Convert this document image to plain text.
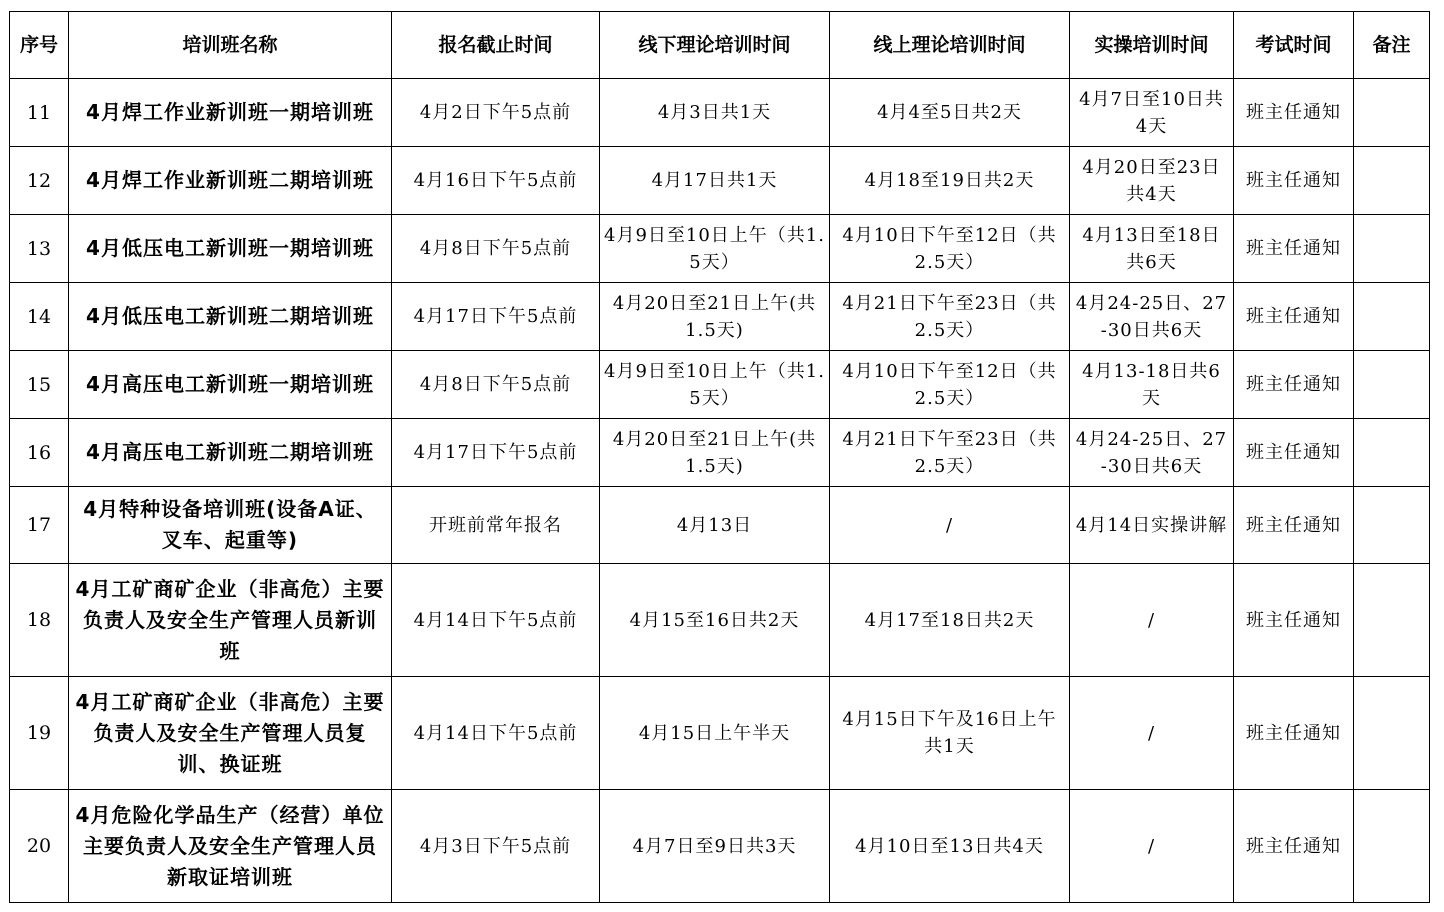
序号	培训班名称	报名截止时间	线下理论培训时间	线上理论培训时间	实操培训时间	考试时间	备注
11	4月焊工作业新训班一期培训班	4月2日下午5点前	4月3日共1天	4月4至5日共2天	4月7日至10日共4天	班主任通知	
12	4月焊工作业新训班二期培训班	4月16日下午5点前	4月17日共1天	4月18至19日共2天	4月20日至23日共4天	班主任通知	
13	4月低压电工新训班一期培训班	4月8日下午5点前	4月9日至10日上午（共1.5天）	4月10日下午至12日（共2.5天）	4月13日至18日共6天	班主任通知	
14	4月低压电工新训班二期培训班	4月17日下午5点前	4月20日至21日上午(共1.5天)	4月21日下午至23日（共2.5天）	4月24-25日、27-30日共6天	班主任通知	
15	4月高压电工新训班一期培训班	4月8日下午5点前	4月9日至10日上午（共1.5天）	4月10日下午至12日（共2.5天）	4月13-18日共6天	班主任通知	
16	4月高压电工新训班二期培训班	4月17日下午5点前	4月20日至21日上午(共1.5天)	4月21日下午至23日（共2.5天）	4月24-25日、27-30日共6天	班主任通知	
17	4月特种设备培训班(设备A证、叉车、起重等)	开班前常年报名	4月13日	/	4月14日实操讲解	班主任通知	
18	4月工矿商矿企业（非高危）主要负责人及安全生产管理人员新训班	4月14日下午5点前	4月15至16日共2天	4月17至18日共2天	/	班主任通知	
19	4月工矿商矿企业（非高危）主要负责人及安全生产管理人员复训、换证班	4月14日下午5点前	4月15日上午半天	4月15日下午及16日上午共1天	/	班主任通知	
20	4月危险化学品生产（经营）单位主要负责人及安全生产管理人员新取证培训班	4月3日下午5点前	4月7日至9日共3天	4月10日至13日共4天	/	班主任通知	
